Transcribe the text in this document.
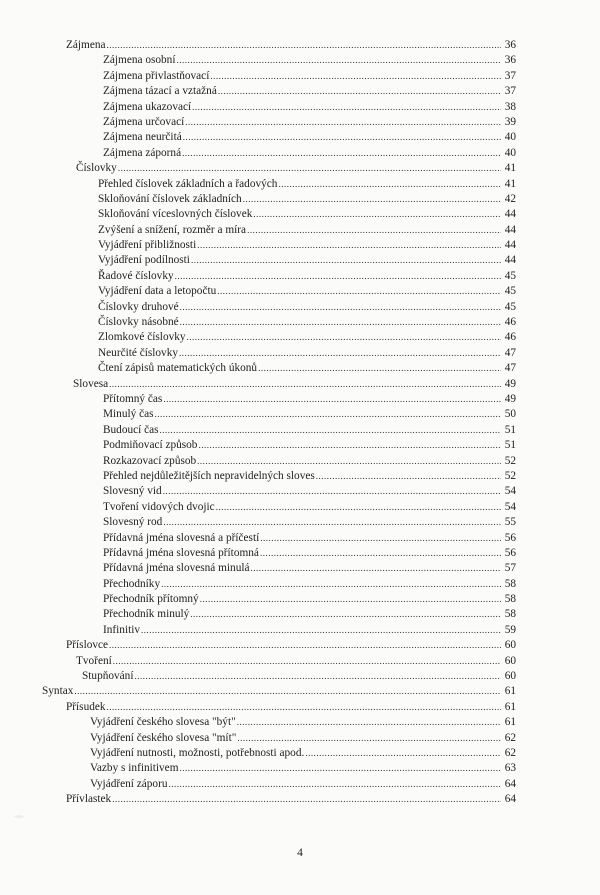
Zájmena .....	36
Zájmena osobní .....	36
Zájmena přivlastňovací .....	37
Zájmena tázací a vztažná .....	37
Zájmena ukazovací .....	38
Zájmena určovací .....	39
Zájmena neurčitá .....	40
Zájmena záporná .....	40
Číslovky .....	41
Přehled číslovek základních a řadových .....	41
Skloňování číslovek základních .....	42
Skloňování víceslovných číslovek .....	44
Zvýšení a snížení, rozměr a míra .....	44
Vyjádření přibližnosti .....	44
Vyjádření podílnosti .....	44
Řadové číslovky .....	45
Vyjádření data a letopočtu .....	45
Číslovky druhové .....	45
Číslovky násobné .....	46
Zlomkové číslovky .....	46
Neurčité číslovky .....	47
Čtení zápisů matematických úkonů .....	47
Slovesa .....	49
Přítomný čas .....	49
Minulý čas .....	50
Budoucí čas .....	51
Podmiňovací způsob .....	51
Rozkazovací způsob .....	52
Přehled nejdůležitějších nepravidelných sloves .....	52
Slovesný vid .....	54
Tvoření vidových dvojic .....	54
Slovesný rod .....	55
Přídavná jména slovesná a příčestí .....	56
Přídavná jména slovesná přítomná .....	56
Přídavná jména slovesná minulá .....	57
Přechodníky .....	58
Přechodník přítomný .....	58
Přechodník minulý .....	58
Infinitiv .....	59
Příslovce .....	60
Tvoření .....	60
Stupňování .....	60
Syntax .....	61
Přísudek .....	61
Vyjádření českého slovesa "být" .....	61
Vyjádření českého slovesa "mít" .....	62
Vyjádření nutnosti, možnosti, potřebnosti apod. .....	62
Vazby s infinitivem .....	63
Vyjádření záporu .....	64
Přívlastek .....	64
4
